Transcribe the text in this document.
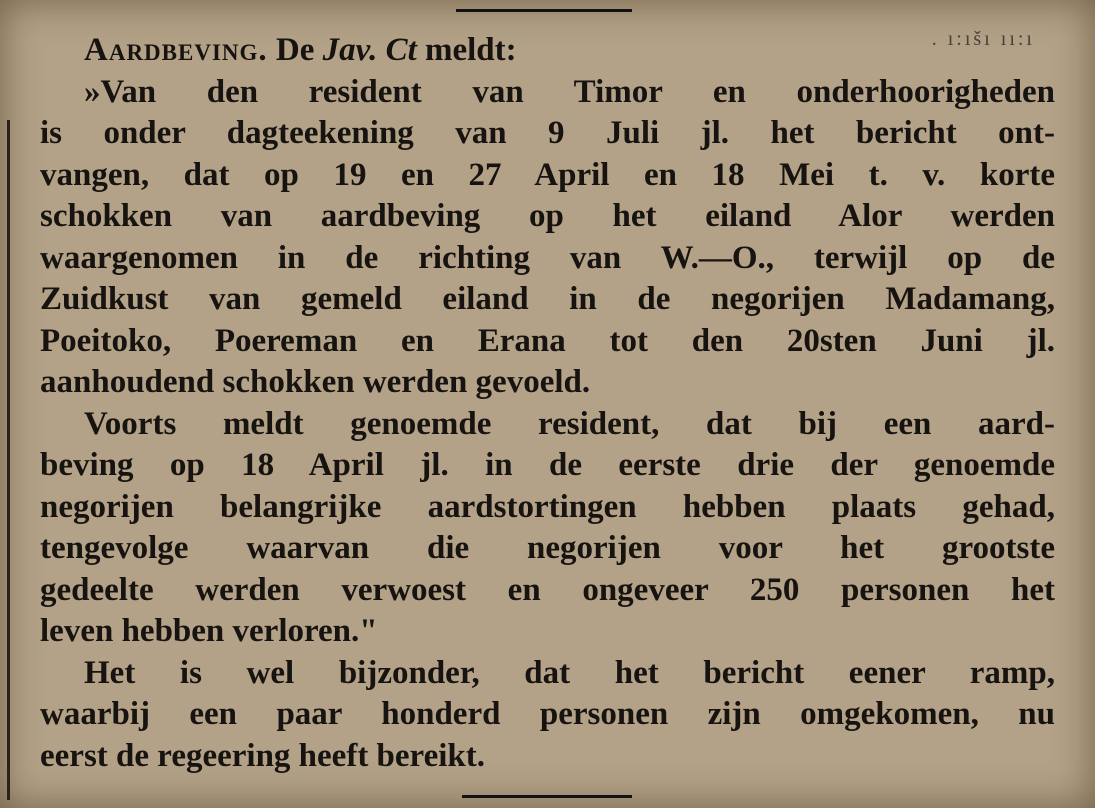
. ı:ıšı ıı:ı
Aardbeving. De Jav. Ct meldt:
»Van den resident van Timor en onderhoorigheden
is onder dagteekening van 9 Juli jl. het bericht ont-
vangen, dat op 19 en 27 April en 18 Mei t. v. korte
schokken van aardbeving op het eiland Alor werden
waargenomen in de richting van W.—O., terwijl op de
Zuidkust van gemeld eiland in de negorijen Madamang,
Poeitoko, Poereman en Erana tot den 20sten Juni jl.
aanhoudend schokken werden gevoeld.
Voorts meldt genoemde resident, dat bij een aard-
beving op 18 April jl. in de eerste drie der genoemde
negorijen belangrijke aardstortingen hebben plaats gehad,
tengevolge waarvan die negorijen voor het grootste
gedeelte werden verwoest en ongeveer 250 personen het
leven hebben verloren."
Het is wel bijzonder, dat het bericht eener ramp,
waarbij een paar honderd personen zijn omgekomen, nu
eerst de regeering heeft bereikt.
